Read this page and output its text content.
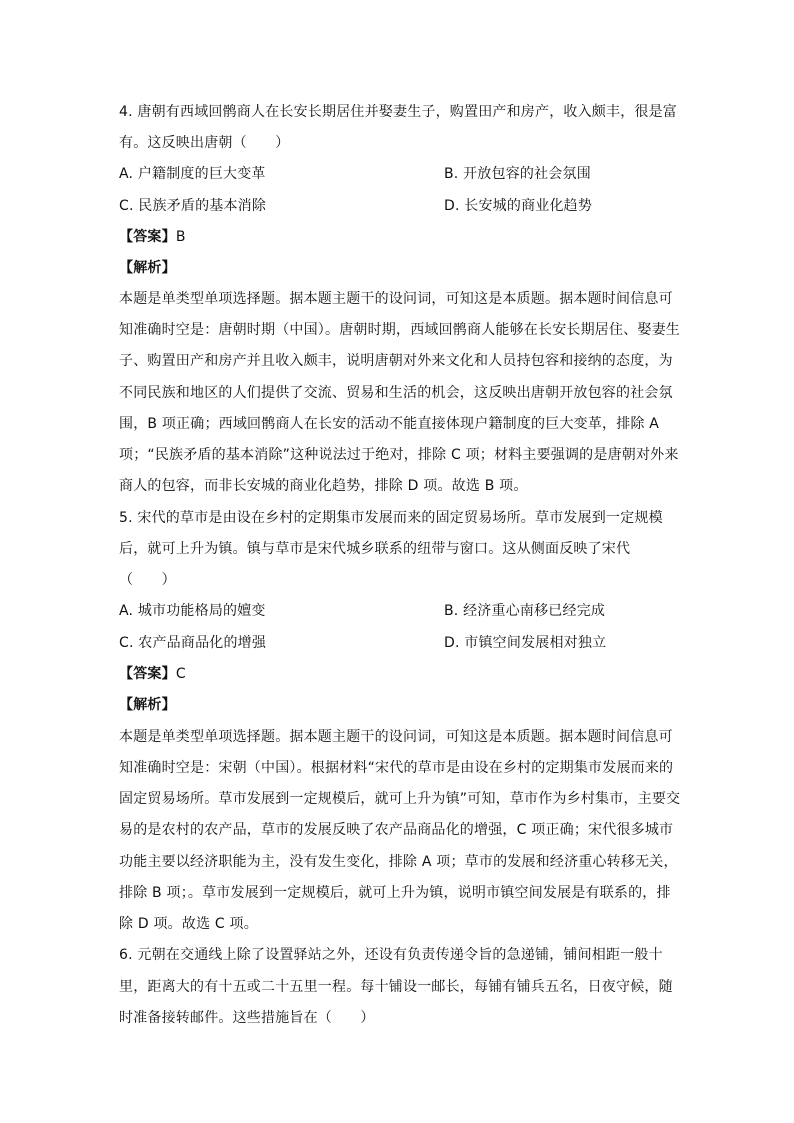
4. 唐朝有西域回鹘商人在长安长期居住并娶妻生子，购置田产和房产，收入颇丰，很是富
有。这反映出唐朝（　　）
A. 户籍制度的巨大变革	B. 开放包容的社会氛围
C. 民族矛盾的基本消除	D. 长安城的商业化趋势
【答案】B
【解析】
本题是单类型单项选择题。据本题主题干的设问词，可知这是本质题。据本题时间信息可
知准确时空是：唐朝时期（中国）。唐朝时期，西域回鹘商人能够在长安长期居住、娶妻生
子、购置田产和房产并且收入颇丰，说明唐朝对外来文化和人员持包容和接纳的态度，为
不同民族和地区的人们提供了交流、贸易和生活的机会，这反映出唐朝开放包容的社会氛
围，B 项正确；西域回鹘商人在长安的活动不能直接体现户籍制度的巨大变革，排除 A
项；“民族矛盾的基本消除”这种说法过于绝对，排除 C 项；材料主要强调的是唐朝对外来
商人的包容，而非长安城的商业化趋势，排除 D 项。故选 B 项。
5. 宋代的草市是由设在乡村的定期集市发展而来的固定贸易场所。草市发展到一定规模
后，就可上升为镇。镇与草市是宋代城乡联系的纽带与窗口。这从侧面反映了宋代
（　　）
A. 城市功能格局的嬗变	B. 经济重心南移已经完成
C. 农产品商品化的增强	D. 市镇空间发展相对独立
【答案】C
【解析】
本题是单类型单项选择题。据本题主题干的设问词，可知这是本质题。据本题时间信息可
知准确时空是：宋朝（中国）。根据材料“宋代的草市是由设在乡村的定期集市发展而来的
固定贸易场所。草市发展到一定规模后，就可上升为镇”可知，草市作为乡村集市，主要交
易的是农村的农产品，草市的发展反映了农产品商品化的增强，C 项正确；宋代很多城市
功能主要以经济职能为主，没有发生变化，排除 A 项；草市的发展和经济重心转移无关，
排除 B 项；。草市发展到一定规模后，就可上升为镇，说明市镇空间发展是有联系的，排
除 D 项。故选 C 项。
6. 元朝在交通线上除了设置驿站之外，还设有负责传递令旨的急递铺，铺间相距一般十
里，距离大的有十五或二十五里一程。每十铺设一邮长，每铺有铺兵五名，日夜守候，随
时准备接转邮件。这些措施旨在（　　）
